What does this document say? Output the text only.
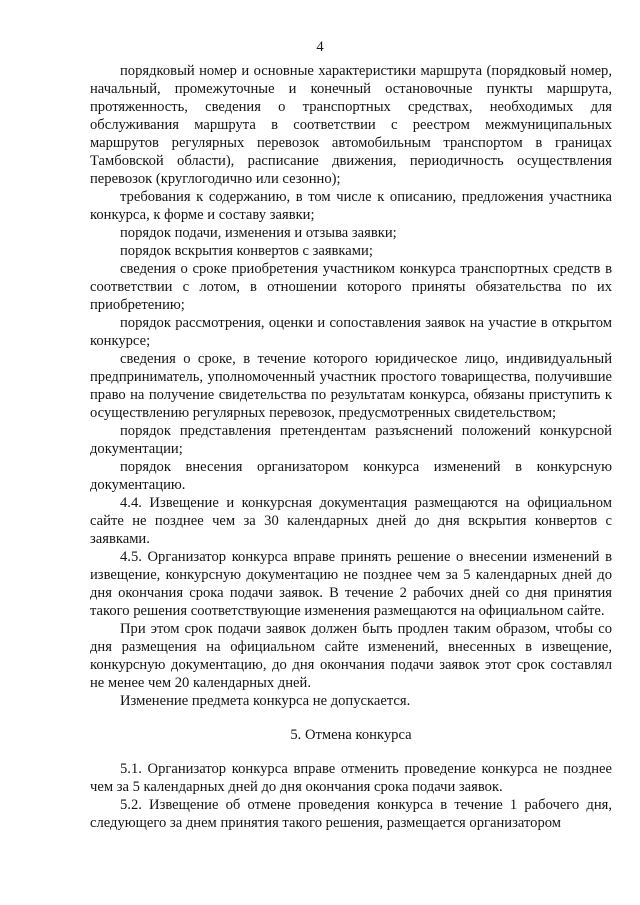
4

порядковый номер и основные характеристики маршрута (порядковый номер, начальный, промежуточные и конечный остановочные пункты маршрута, протяженность, сведения о транспортных средствах, необходимых для обслуживания маршрута в соответствии с реестром межмуниципальных маршрутов регулярных перевозок автомобильным транспортом в границах Тамбовской области), расписание движения, периодичность осуществления перевозок (круглогодично или сезонно);

требования к содержанию, в том числе к описанию, предложения участника конкурса, к форме и составу заявки;

порядок подачи, изменения и отзыва заявки;

порядок вскрытия конвертов с заявками;

сведения о сроке приобретения участником конкурса транспортных средств в соответствии с лотом, в отношении которого приняты обязательства по их приобретению;

порядок рассмотрения, оценки и сопоставления заявок на участие в открытом конкурсе;

сведения о сроке, в течение которого юридическое лицо, индивидуальный предприниматель, уполномоченный участник простого товарищества, получившие право на получение свидетельства по результатам конкурса, обязаны приступить к осуществлению регулярных перевозок, предусмотренных свидетельством;

порядок представления претендентам разъяснений положений конкурсной документации;

порядок внесения организатором конкурса изменений в конкурсную документацию.

4.4. Извещение и конкурсная документация размещаются на официальном сайте не позднее чем за 30 календарных дней до дня вскрытия конвертов с заявками.

4.5. Организатор конкурса вправе принять решение о внесении изменений в извещение, конкурсную документацию не позднее чем за 5 календарных дней до дня окончания срока подачи заявок. В течение 2 рабочих дней со дня принятия такого решения соответствующие изменения размещаются на официальном сайте.

При этом срок подачи заявок должен быть продлен таким образом, чтобы со дня размещения на официальном сайте изменений, внесенных в извещение, конкурсную документацию, до дня окончания подачи заявок этот срок составлял не менее чем 20 календарных дней.

Изменение предмета конкурса не допускается.

5. Отмена конкурса

5.1. Организатор конкурса вправе отменить проведение конкурса не позднее чем за 5 календарных дней до дня окончания срока подачи заявок.

5.2. Извещение об отмене проведения конкурса в течение 1 рабочего дня, следующего за днем принятия такого решения, размещается организатором
